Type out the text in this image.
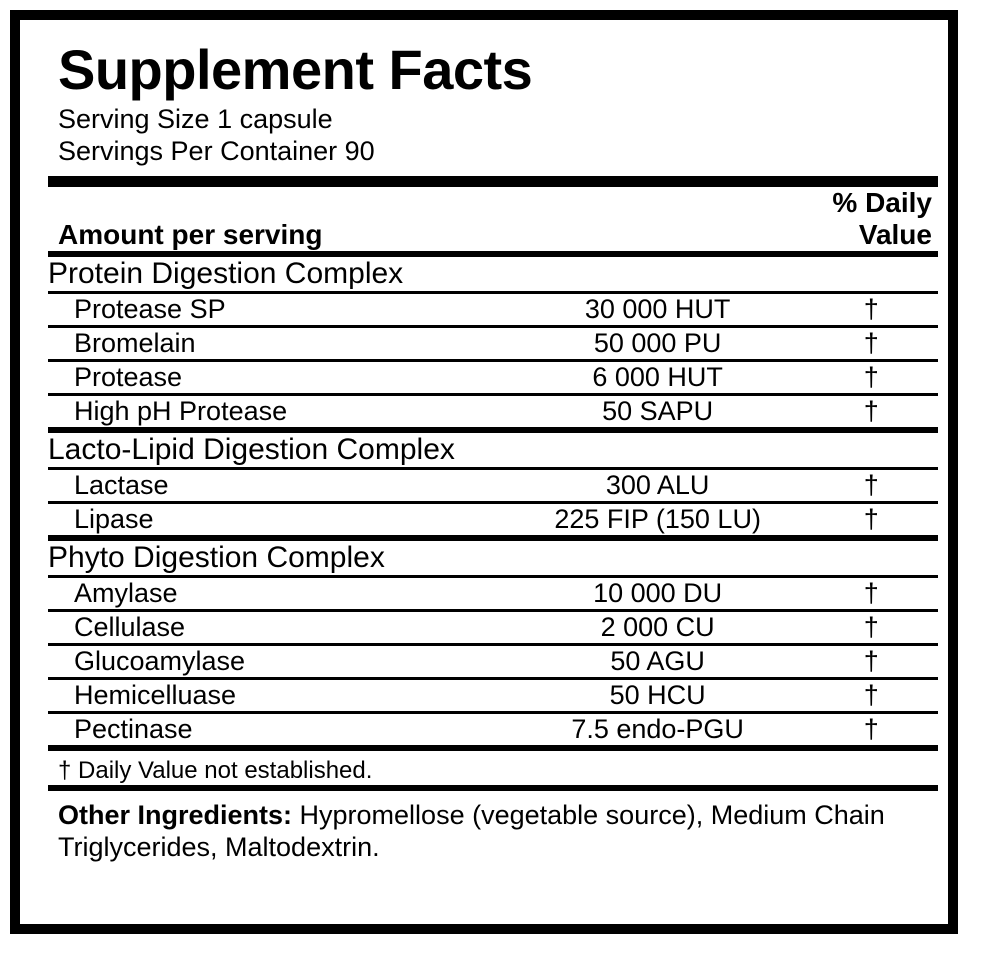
Supplement Facts
Serving Size 1 capsule
Servings Per Container 90
Amount per serving		% Daily Value

Protein Digestion Complex		

Protease SP	30 000 HUT	†

Bromelain	50 000 PU	†

Protease	6 000 HUT	†

High pH Protease	50 SAPU	†

Lacto-Lipid Digestion Complex		

Lactase	300 ALU	†

Lipase	225 FIP (150 LU)	†

Phyto Digestion Complex		

Amylase	10 000 DU	†

Cellulase	2 000 CU	†

Glucoamylase	50 AGU	†

Hemicelluase	50 HCU	†

Pectinase	7.5 endo-PGU	†
† Daily Value not established.
Other Ingredients: Hypromellose (vegetable source), Medium Chain Triglycerides, Maltodextrin.
